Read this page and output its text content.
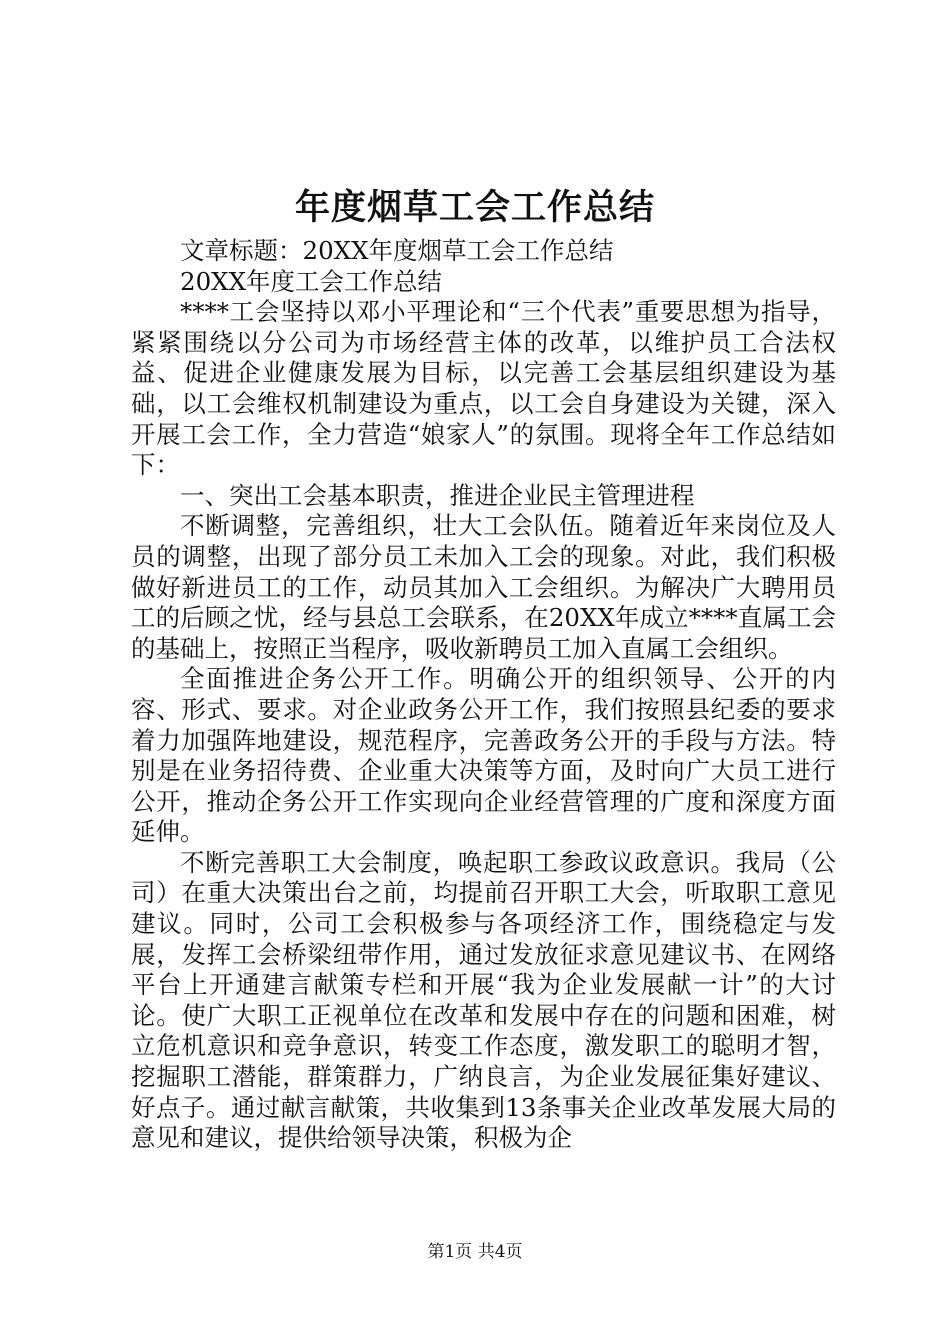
年度烟草工会工作总结

文章标题：20XX年度烟草工会工作总结

20XX年度工会工作总结

****工会坚持以邓小平理论和“三个代表”重要思想为指导，紧紧围绕以分公司为市场经营主体的改革，以维护员工合法权益、促进企业健康发展为目标，以完善工会基层组织建设为基础，以工会维权机制建设为重点，以工会自身建设为关键，深入开展工会工作，全力营造“娘家人”的氛围。现将全年工作总结如下：

一、突出工会基本职责，推进企业民主管理进程

不断调整，完善组织，壮大工会队伍。随着近年来岗位及人员的调整，出现了部分员工未加入工会的现象。对此，我们积极做好新进员工的工作，动员其加入工会组织。为解决广大聘用员工的后顾之忧，经与县总工会联系，在20XX年成立****直属工会的基础上，按照正当程序，吸收新聘员工加入直属工会组织。

全面推进企务公开工作。明确公开的组织领导、公开的内容、形式、要求。对企业政务公开工作，我们按照县纪委的要求着力加强阵地建设，规范程序，完善政务公开的手段与方法。特别是在业务招待费、企业重大决策等方面，及时向广大员工进行公开，推动企务公开工作实现向企业经营管理的广度和深度方面延伸。

不断完善职工大会制度，唤起职工参政议政意识。我局（公司）在重大决策出台之前，均提前召开职工大会，听取职工意见建议。同时，公司工会积极参与各项经济工作，围绕稳定与发展，发挥工会桥梁纽带作用，通过发放征求意见建议书、在网络平台上开通建言献策专栏和开展“我为企业发展献一计”的大讨论。使广大职工正视单位在改革和发展中存在的问题和困难，树立危机意识和竞争意识，转变工作态度，激发职工的聪明才智，挖掘职工潜能，群策群力，广纳良言，为企业发展征集好建议、好点子。通过献言献策，共收集到13条事关企业改革发展大局的意见和建议，提供给领导决策，积极为企

第1页 共4页
